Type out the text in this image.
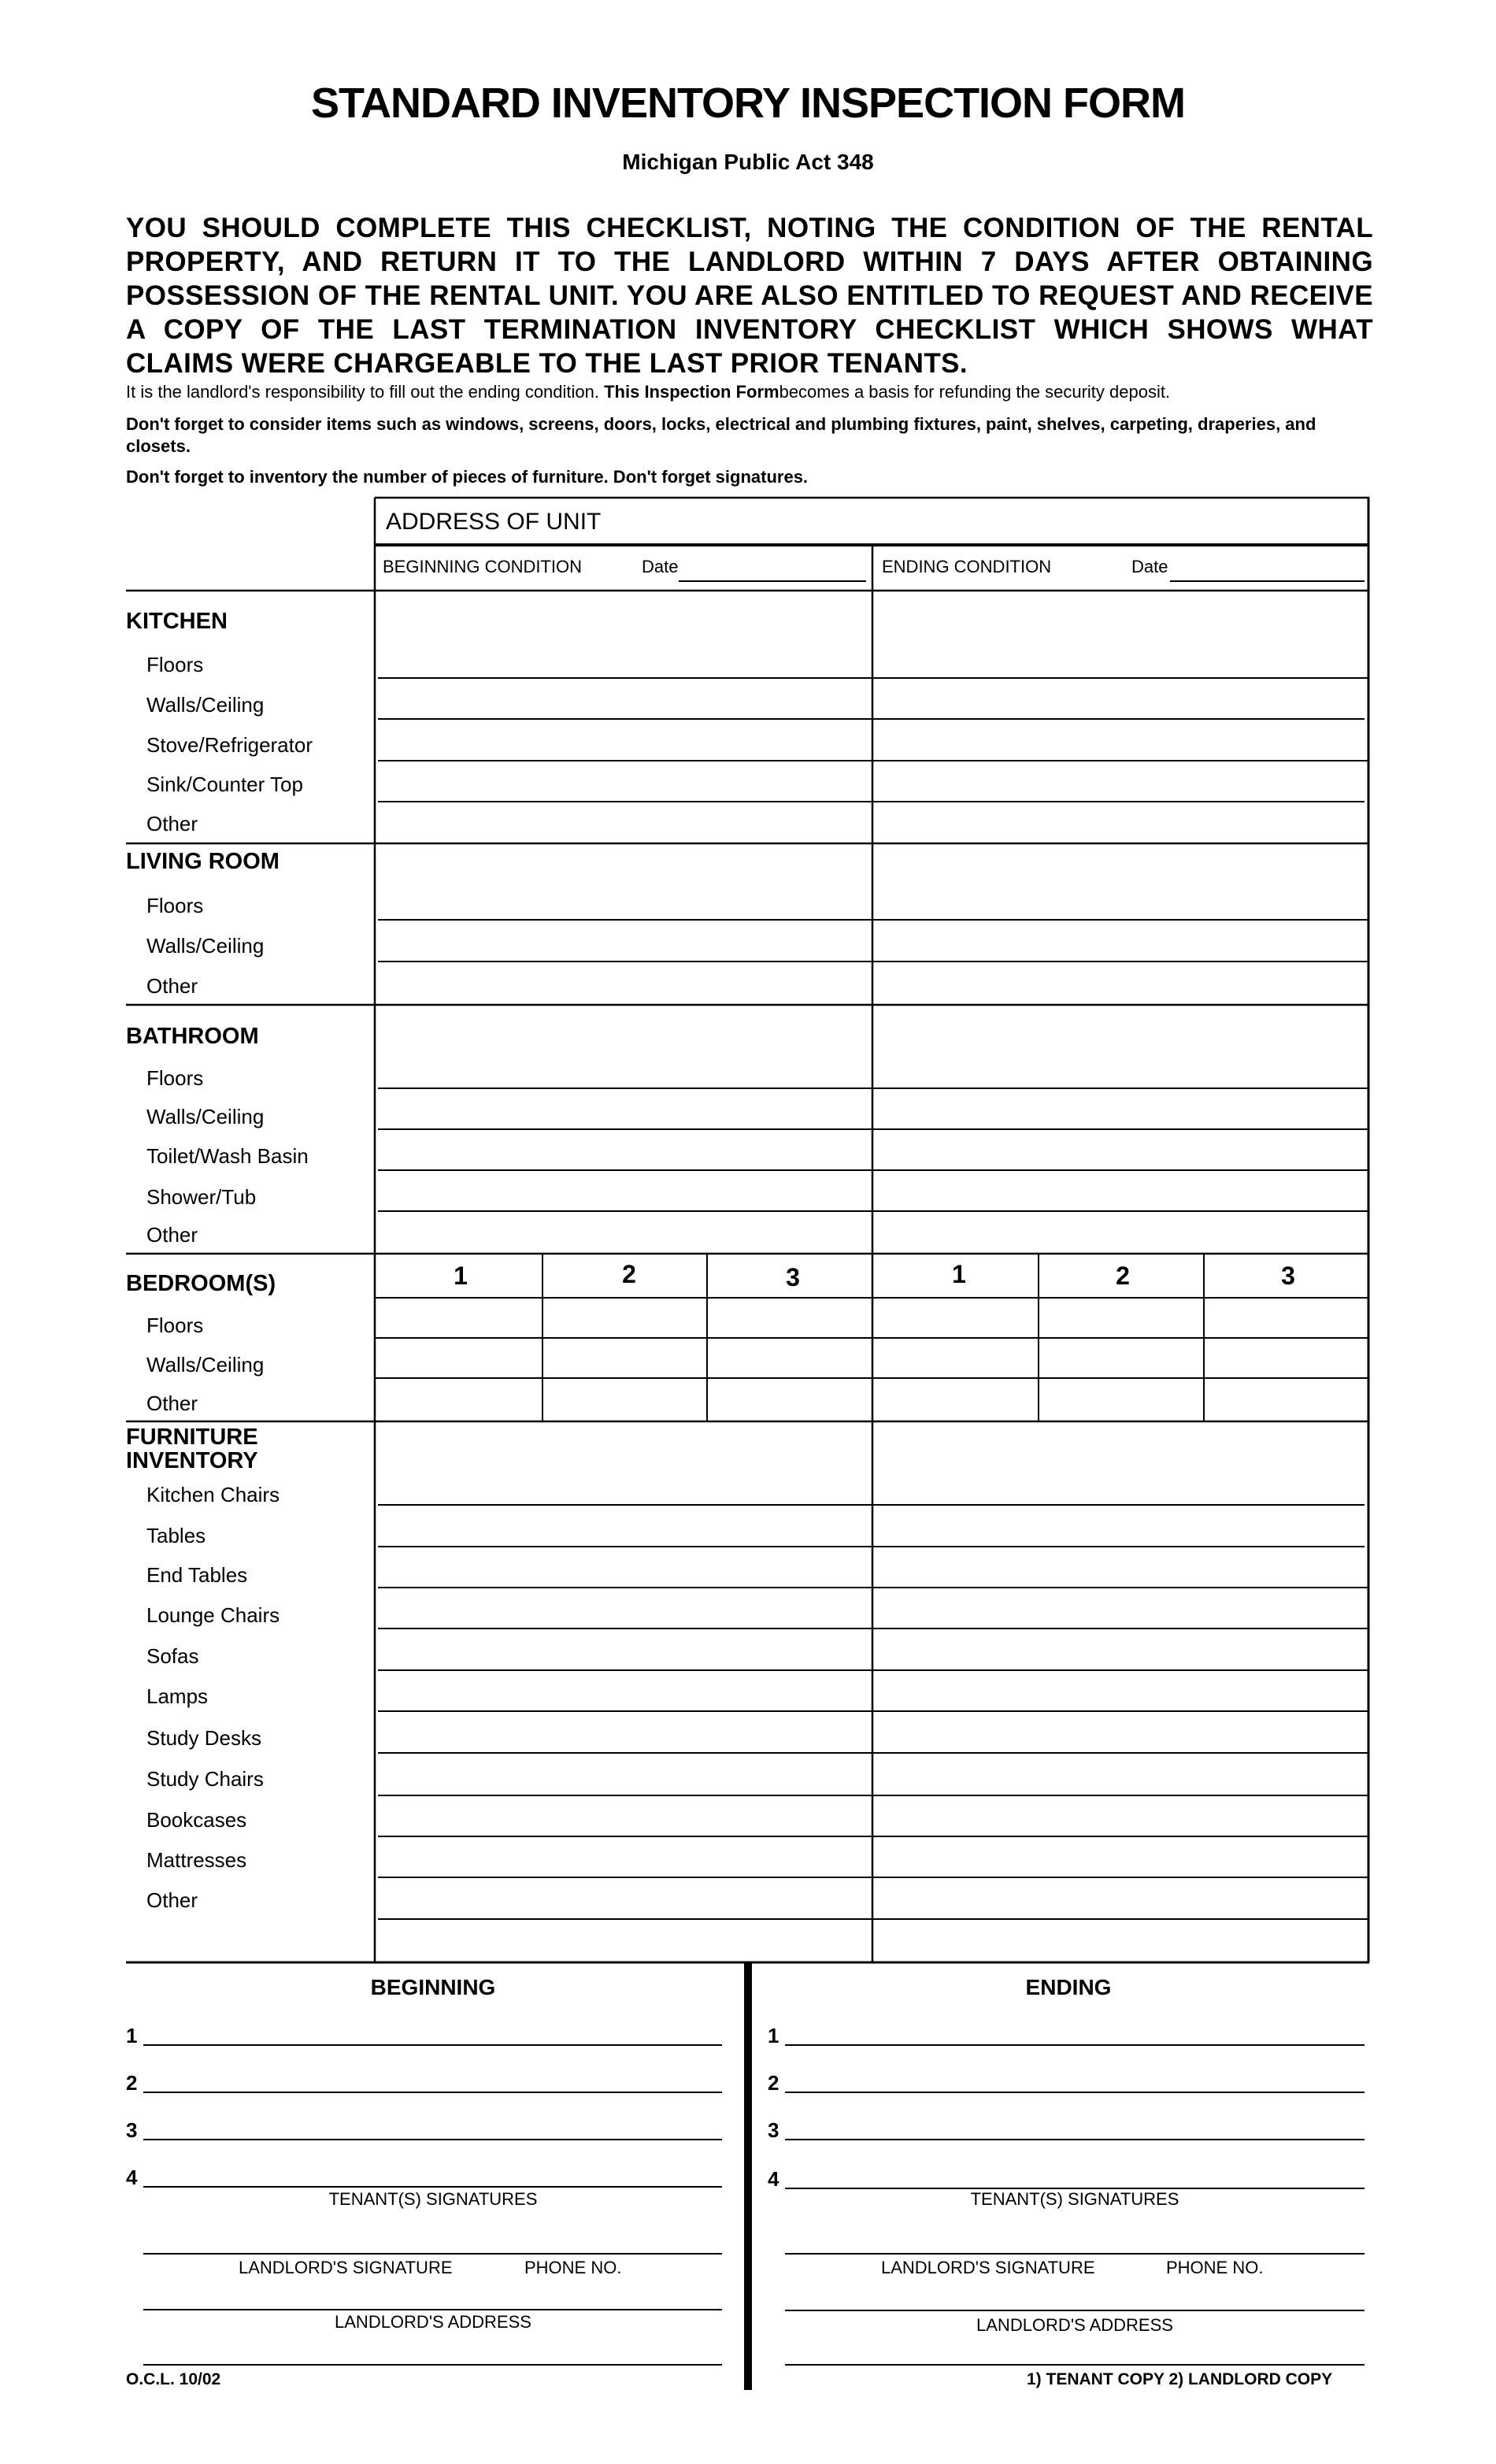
STANDARD INVENTORY INSPECTION FORM
Michigan Public Act 348
YOU SHOULD COMPLETE THIS CHECKLIST, NOTING THE CONDITION OF THE RENTAL PROPERTY, AND RETURN IT TO THE LANDLORD WITHIN 7 DAYS AFTER OBTAINING POSSESSION OF THE RENTAL UNIT. YOU ARE ALSO ENTITLED TO REQUEST AND RECEIVE A COPY OF THE LAST TERMINATION INVENTORY CHECKLIST WHICH SHOWS WHAT CLAIMS WERE CHARGEABLE TO THE LAST PRIOR TENANTS.
It is the landlord's responsibility to fill out the ending condition. This Inspection Formbecomes a basis for refunding the security deposit.
Don't forget to consider items such as windows, screens, doors, locks, electrical and plumbing fixtures, paint, shelves, carpeting, draperies, and closets.
Don't forget to inventory the number of pieces of furniture. Don't forget signatures.
ADDRESS OF UNIT
BEGINNING CONDITION	Date	ENDING CONDITION	Date
KITCHEN
Floors
Walls/Ceiling
Stove/Refrigerator
Sink/Counter Top
Other
LIVING ROOM
Floors
Walls/Ceiling
Other
BATHROOM
Floors
Walls/Ceiling
Toilet/Wash Basin
Shower/Tub
Other
BEDROOM(S)	1	2	3	1	2	3
Floors
Walls/Ceiling
Other
FURNITURE
INVENTORY
Kitchen Chairs
Tables
End Tables
Lounge Chairs
Sofas
Lamps
Study Desks
Study Chairs
Bookcases
Mattresses
Other
BEGINNING
1
2
3
4
TENANT(S) SIGNATURES
LANDLORD'S SIGNATURE	PHONE NO.
LANDLORD'S ADDRESS
ENDING
1
2
3
4
TENANT(S) SIGNATURES
LANDLORD'S SIGNATURE	PHONE NO.
LANDLORD'S ADDRESS
O.C.L. 10/02	1) TENANT COPY 2) LANDLORD COPY
